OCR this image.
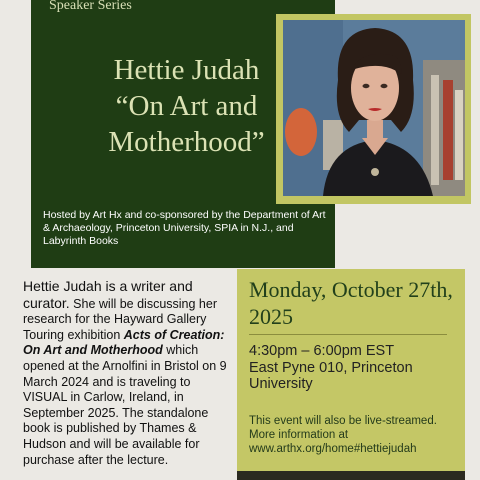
Speaker Series
Hettie Judah
“On Art and
Motherhood”
Hosted by Art Hx and co-sponsored by the Department of Art & Archaeology, Princeton University, SPIA in N.J., and Labyrinth Books
Hettie Judah is a writer and curator. She will be discussing her research for the Hayward Gallery Touring exhibition Acts of Creation: On Art and Motherhood which opened at the Arnolfini in Bristol on 9 March 2024 and is traveling to VISUAL in Carlow, Ireland, in September 2025. The standalone book is published by Thames & Hudson and will be available for purchase after the lecture.
Monday, October 27th, 2025
4:30pm – 6:00pm EST
East Pyne 010, Princeton University
This event will also be live-streamed. More information at www.arthx.org/home#hettiejudah
